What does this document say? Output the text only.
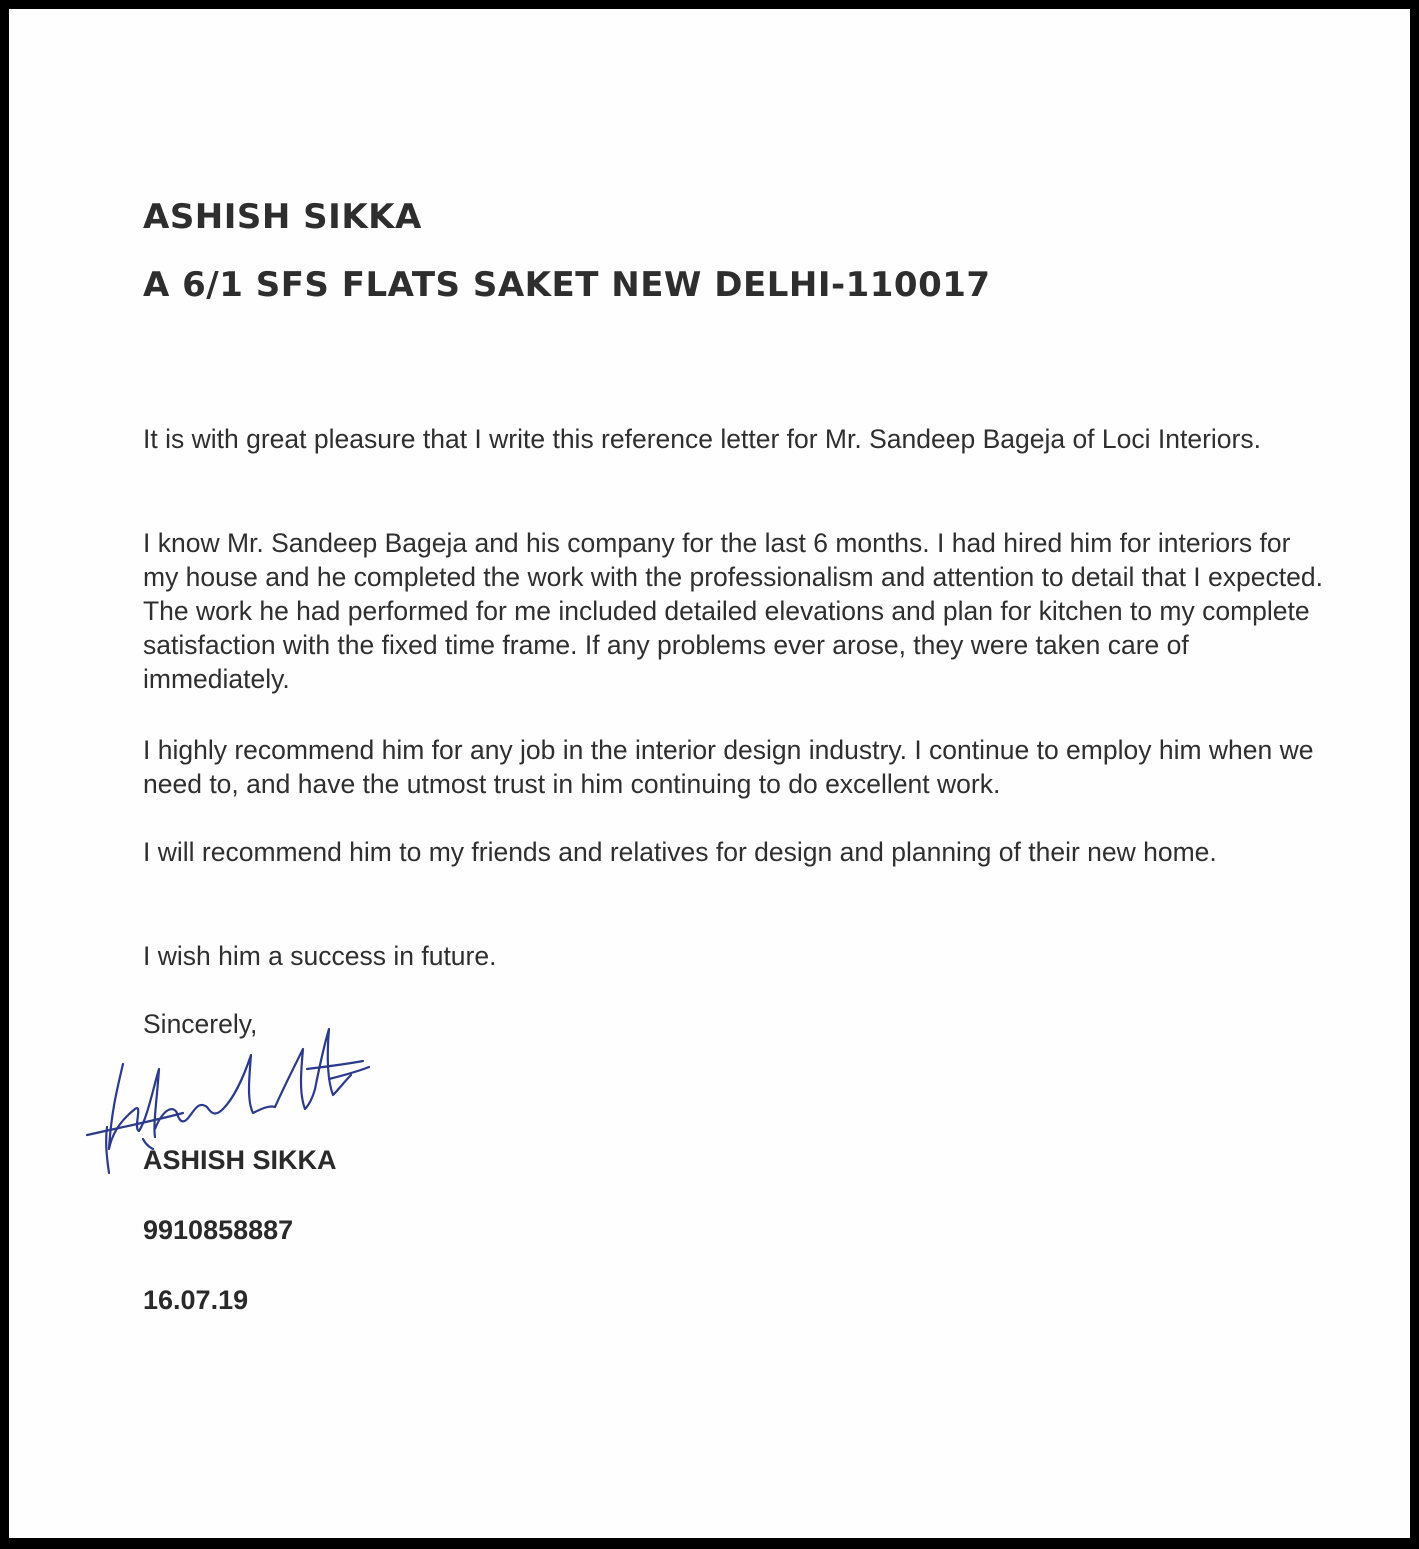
ASHISH SIKKA
A 6/1 SFS FLATS SAKET NEW DELHI-110017

It is with great pleasure that I write this reference letter for Mr. Sandeep Bageja of Loci Interiors.

I know Mr. Sandeep Bageja and his company for the last 6 months. I had hired him for interiors for my house and he completed the work with the professionalism and attention to detail that I expected. The work he had performed for me included detailed elevations and plan for kitchen to my complete satisfaction with the fixed time frame. If any problems ever arose, they were taken care of immediately.

I highly recommend him for any job in the interior design industry. I continue to employ him when we need to, and have the utmost trust in him continuing to do excellent work.

I will recommend him to my friends and relatives for design and planning of their new home.

I wish him a success in future.

Sincerely,

ASHISH SIKKA
9910858887
16.07.19
